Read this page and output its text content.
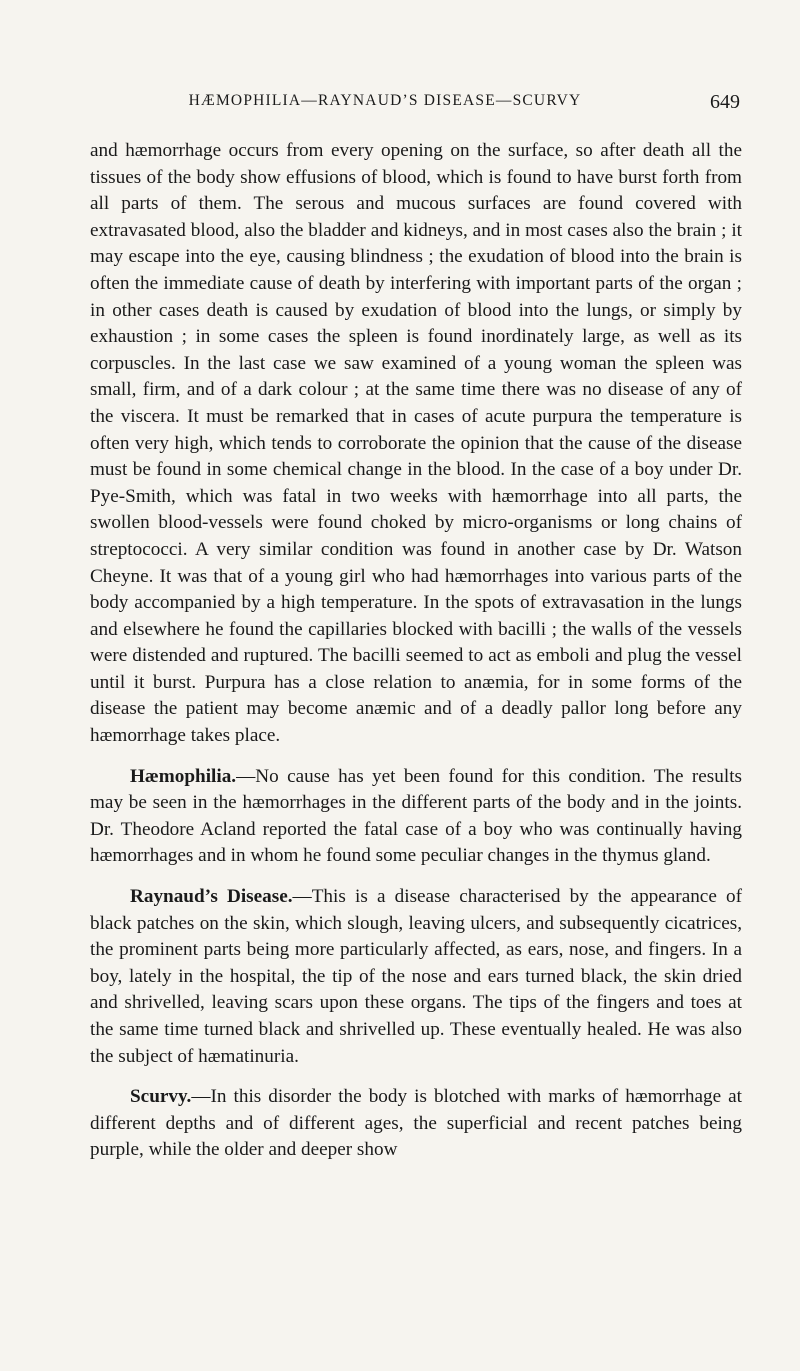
HÆMOPHILIA—RAYNAUD’S DISEASE—SCURVY	649

and hæmorrhage occurs from every opening on the surface, so after death all the tissues of the body show effusions of blood, which is found to have burst forth from all parts of them. The serous and mucous surfaces are found covered with extravasated blood, also the bladder and kidneys, and in most cases also the brain ; it may escape into the eye, causing blindness ; the exudation of blood into the brain is often the immediate cause of death by interfering with important parts of the organ ; in other cases death is caused by exudation of blood into the lungs, or simply by exhaustion ; in some cases the spleen is found inordinately large, as well as its corpuscles. In the last case we saw examined of a young woman the spleen was small, firm, and of a dark colour ; at the same time there was no disease of any of the viscera. It must be remarked that in cases of acute purpura the temperature is often very high, which tends to corroborate the opinion that the cause of the disease must be found in some chemical change in the blood. In the case of a boy under Dr. Pye-Smith, which was fatal in two weeks with hæmorrhage into all parts, the swollen blood-vessels were found choked by micro-organisms or long chains of streptococci. A very similar condition was found in another case by Dr. Watson Cheyne. It was that of a young girl who had hæmorrhages into various parts of the body accompanied by a high temperature. In the spots of extravasation in the lungs and elsewhere he found the capillaries blocked with bacilli ; the walls of the vessels were distended and ruptured. The bacilli seemed to act as emboli and plug the vessel until it burst. Purpura has a close relation to anæmia, for in some forms of the disease the patient may become anæmic and of a deadly pallor long before any hæmorrhage takes place.

Hæmophilia.—No cause has yet been found for this condition. The results may be seen in the hæmorrhages in the different parts of the body and in the joints. Dr. Theodore Acland reported the fatal case of a boy who was continually having hæmorrhages and in whom he found some peculiar changes in the thymus gland.

Raynaud’s Disease.—This is a disease characterised by the appearance of black patches on the skin, which slough, leaving ulcers, and subsequently cicatrices, the prominent parts being more particularly affected, as ears, nose, and fingers. In a boy, lately in the hospital, the tip of the nose and ears turned black, the skin dried and shrivelled, leaving scars upon these organs. The tips of the fingers and toes at the same time turned black and shrivelled up. These eventually healed. He was also the subject of hæmatinuria.

Scurvy.—In this disorder the body is blotched with marks of hæmorrhage at different depths and of different ages, the superficial and recent patches being purple, while the older and deeper show
